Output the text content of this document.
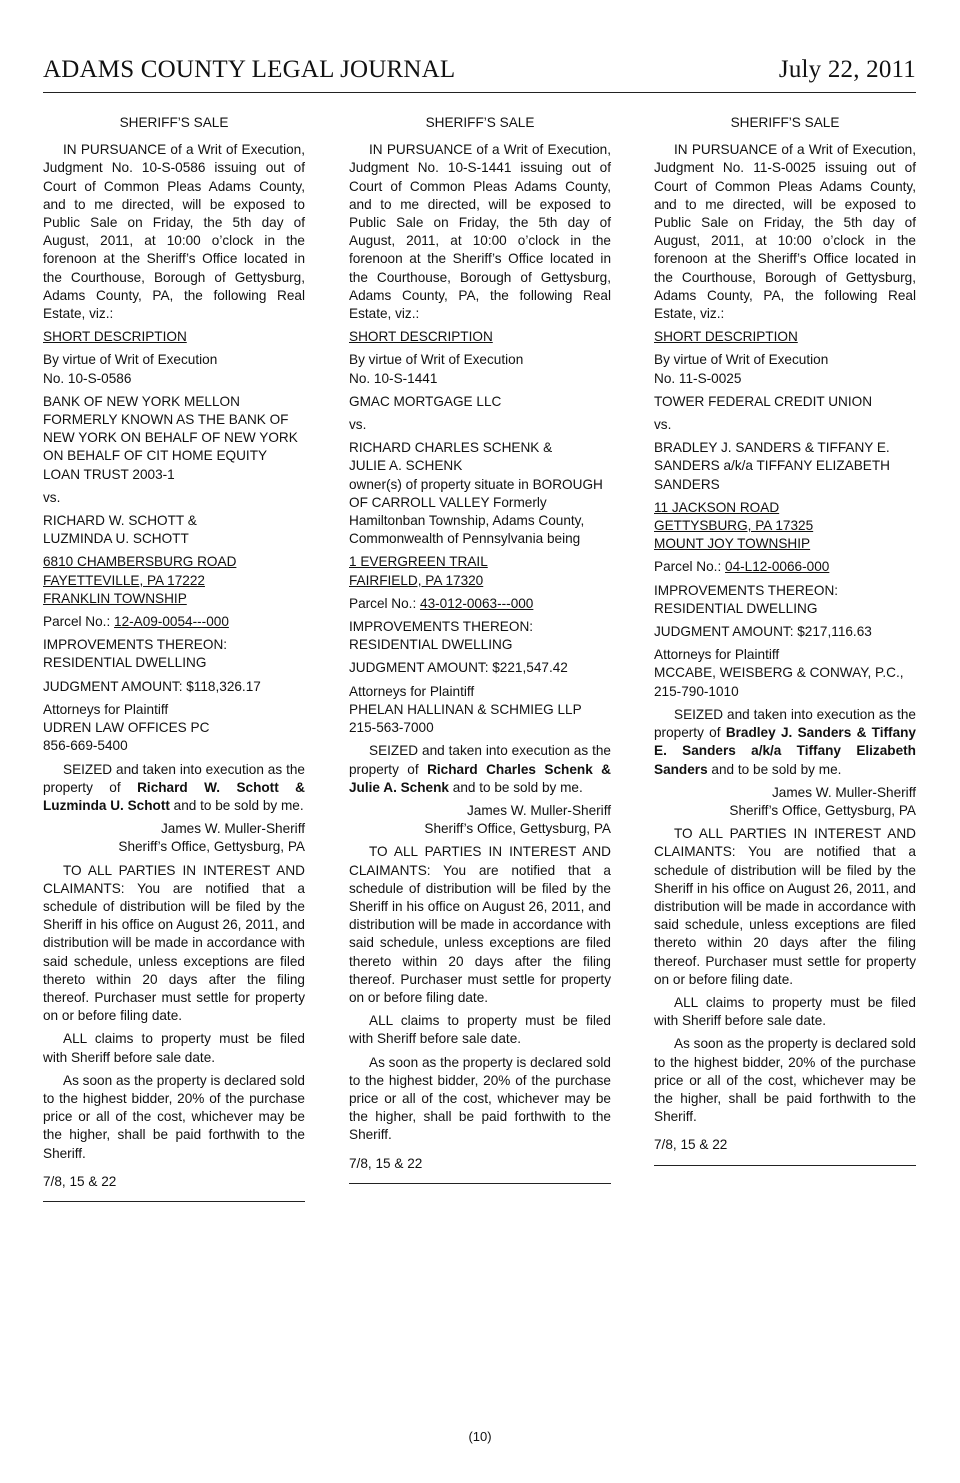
ADAMS COUNTY LEGAL JOURNAL	July 22, 2011

SHERIFF’S SALE

IN PURSUANCE of a Writ of Execution, Judgment No. 10-S-0586 issuing out of Court of Common Pleas Adams County, and to me directed, will be exposed to Public Sale on Friday, the 5th day of August, 2011, at 10:00 o’clock in the forenoon at the Sheriff’s Office located in the Courthouse, Borough of Gettysburg, Adams County, PA, the following Real Estate, viz.:

SHORT DESCRIPTION

By virtue of Writ of Execution
No. 10-S-0586

BANK OF NEW YORK MELLON FORMERLY KNOWN AS THE BANK OF NEW YORK ON BEHALF OF NEW YORK ON BEHALF OF CIT HOME EQUITY LOAN TRUST 2003-1

vs.

RICHARD W. SCHOTT &
LUZMINDA U. SCHOTT

6810 CHAMBERSBURG ROAD
FAYETTEVILLE, PA 17222
FRANKLIN TOWNSHIP

Parcel No.: 12-A09-0054---000

IMPROVEMENTS THEREON:
RESIDENTIAL DWELLING

JUDGMENT AMOUNT: $118,326.17

Attorneys for Plaintiff
UDREN LAW OFFICES PC
856-669-5400

SEIZED and taken into execution as the property of Richard W. Schott & Luzminda U. Schott and to be sold by me.

James W. Muller-Sheriff
Sheriff’s Office, Gettysburg, PA

TO ALL PARTIES IN INTEREST AND CLAIMANTS: You are notified that a schedule of distribution will be filed by the Sheriff in his office on August 26, 2011, and distribution will be made in accordance with said schedule, unless exceptions are filed thereto within 20 days after the filing thereof. Purchaser must settle for property on or before filing date.

ALL claims to property must be filed with Sheriff before sale date.

As soon as the property is declared sold to the highest bidder, 20% of the purchase price or all of the cost, whichever may be the higher, shall be paid forthwith to the Sheriff.

7/8, 15 & 22

SHERIFF’S SALE

IN PURSUANCE of a Writ of Execution, Judgment No. 10-S-1441 issuing out of Court of Common Pleas Adams County, and to me directed, will be exposed to Public Sale on Friday, the 5th day of August, 2011, at 10:00 o’clock in the forenoon at the Sheriff’s Office located in the Courthouse, Borough of Gettysburg, Adams County, PA, the following Real Estate, viz.:

SHORT DESCRIPTION

By virtue of Writ of Execution
No. 10-S-1441

GMAC MORTGAGE LLC

vs.

RICHARD CHARLES SCHENK &
JULIE A. SCHENK
owner(s) of property situate in BOROUGH OF CARROLL VALLEY Formerly Hamiltonban Township, Adams County, Commonwealth of Pennsylvania being

1 EVERGREEN TRAIL
FAIRFIELD, PA 17320

Parcel No.: 43-012-0063---000

IMPROVEMENTS THEREON:
RESIDENTIAL DWELLING

JUDGMENT AMOUNT: $221,547.42

Attorneys for Plaintiff
PHELAN HALLINAN & SCHMIEG LLP
215-563-7000

SEIZED and taken into execution as the property of Richard Charles Schenk & Julie A. Schenk and to be sold by me.

James W. Muller-Sheriff
Sheriff’s Office, Gettysburg, PA

TO ALL PARTIES IN INTEREST AND CLAIMANTS: You are notified that a schedule of distribution will be filed by the Sheriff in his office on August 26, 2011, and distribution will be made in accordance with said schedule, unless exceptions are filed thereto within 20 days after the filing thereof. Purchaser must settle for property on or before filing date.

ALL claims to property must be filed with Sheriff before sale date.

As soon as the property is declared sold to the highest bidder, 20% of the purchase price or all of the cost, whichever may be the higher, shall be paid forthwith to the Sheriff.

7/8, 15 & 22

SHERIFF’S SALE

IN PURSUANCE of a Writ of Execution, Judgment No. 11-S-0025 issuing out of Court of Common Pleas Adams County, and to me directed, will be exposed to Public Sale on Friday, the 5th day of August, 2011, at 10:00 o’clock in the forenoon at the Sheriff’s Office located in the Courthouse, Borough of Gettysburg, Adams County, PA, the following Real Estate, viz.:

SHORT DESCRIPTION

By virtue of Writ of Execution
No. 11-S-0025

TOWER FEDERAL CREDIT UNION

vs.

BRADLEY J. SANDERS & TIFFANY E. SANDERS a/k/a TIFFANY ELIZABETH SANDERS

11 JACKSON ROAD
GETTYSBURG, PA 17325
MOUNT JOY TOWNSHIP

Parcel No.: 04-L12-0066-000

IMPROVEMENTS THEREON:
RESIDENTIAL DWELLING

JUDGMENT AMOUNT: $217,116.63

Attorneys for Plaintiff
MCCABE, WEISBERG & CONWAY, P.C., 215-790-1010

SEIZED and taken into execution as the property of Bradley J. Sanders & Tiffany E. Sanders a/k/a Tiffany Elizabeth Sanders and to be sold by me.

James W. Muller-Sheriff
Sheriff’s Office, Gettysburg, PA

TO ALL PARTIES IN INTEREST AND CLAIMANTS: You are notified that a schedule of distribution will be filed by the Sheriff in his office on August 26, 2011, and distribution will be made in accordance with said schedule, unless exceptions are filed thereto within 20 days after the filing thereof. Purchaser must settle for property on or before filing date.

ALL claims to property must be filed with Sheriff before sale date.

As soon as the property is declared sold to the highest bidder, 20% of the purchase price or all of the cost, whichever may be the higher, shall be paid forthwith to the Sheriff.

7/8, 15 & 22

(10)
